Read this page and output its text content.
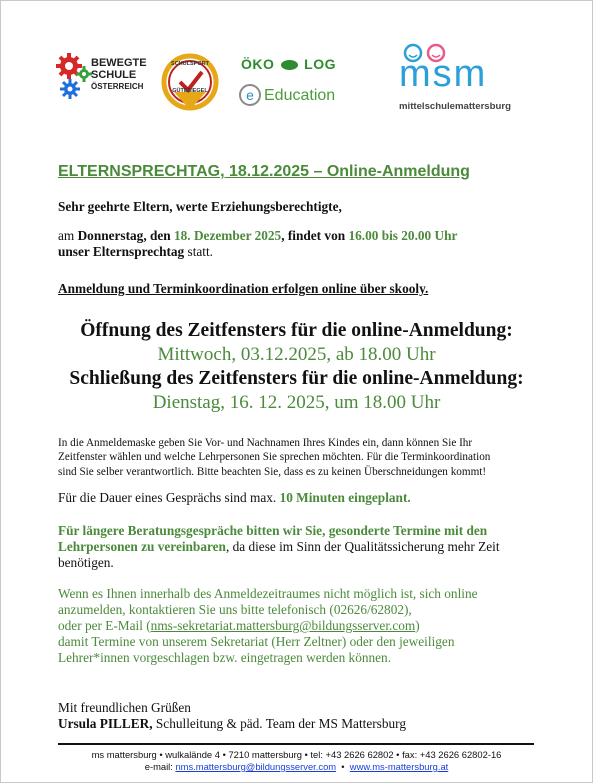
BEWEGTE
SCHULE
ÖSTERREICH
SCHULSPORT
GÜTESIEGEL
ÖKO LOG
e Education
msm
mittelschulemattersburg
ELTERNSPRECHTAG, 18.12.2025 – Online-Anmeldung
Sehr geehrte Eltern, werte Erziehungsberechtigte,
am Donnerstag, den 18. Dezember 2025, findet von 16.00 bis 20.00 Uhr
unser Elternsprechtag statt.
Anmeldung und Terminkoordination erfolgen online über skooly.
Öffnung des Zeitfensters für die online-Anmeldung:
Mittwoch, 03.12.2025, ab 18.00 Uhr
Schließung des Zeitfensters für die online-Anmeldung:
Dienstag, 16. 12. 2025, um 18.00 Uhr
In die Anmeldemaske geben Sie Vor- und Nachnamen Ihres Kindes ein, dann können Sie Ihr
Zeitfenster wählen und welche Lehrpersonen Sie sprechen möchten. Für die Terminkoordination
sind Sie selber verantwortlich. Bitte beachten Sie, dass es zu keinen Überschneidungen kommt!
Für die Dauer eines Gesprächs sind max. 10 Minuten eingeplant.
Für längere Beratungsgespräche bitten wir Sie, gesonderte Termine mit den
Lehrpersonen zu vereinbaren, da diese im Sinn der Qualitätssicherung mehr Zeit
benötigen.
Wenn es Ihnen innerhalb des Anmeldezeitraumes nicht möglich ist, sich online
anzumelden, kontaktieren Sie uns bitte telefonisch (02626/62802),
oder per E-Mail (nms-sekretariat.mattersburg@bildungsserver.com)
damit Termine von unserem Sekretariat (Herr Zeltner) oder den jeweiligen
Lehrer*innen vorgeschlagen bzw. eingetragen werden können.
Mit freundlichen Grüßen
Ursula PILLER, Schulleitung & päd. Team der MS Mattersburg
ms mattersburg • wulkalände 4 • 7210 mattersburg • tel: +43 2626 62802 • fax: +43 2626 62802-16
e-mail: nms.mattersburg@bildungsserver.com  •  www.ms-mattersburg.at
